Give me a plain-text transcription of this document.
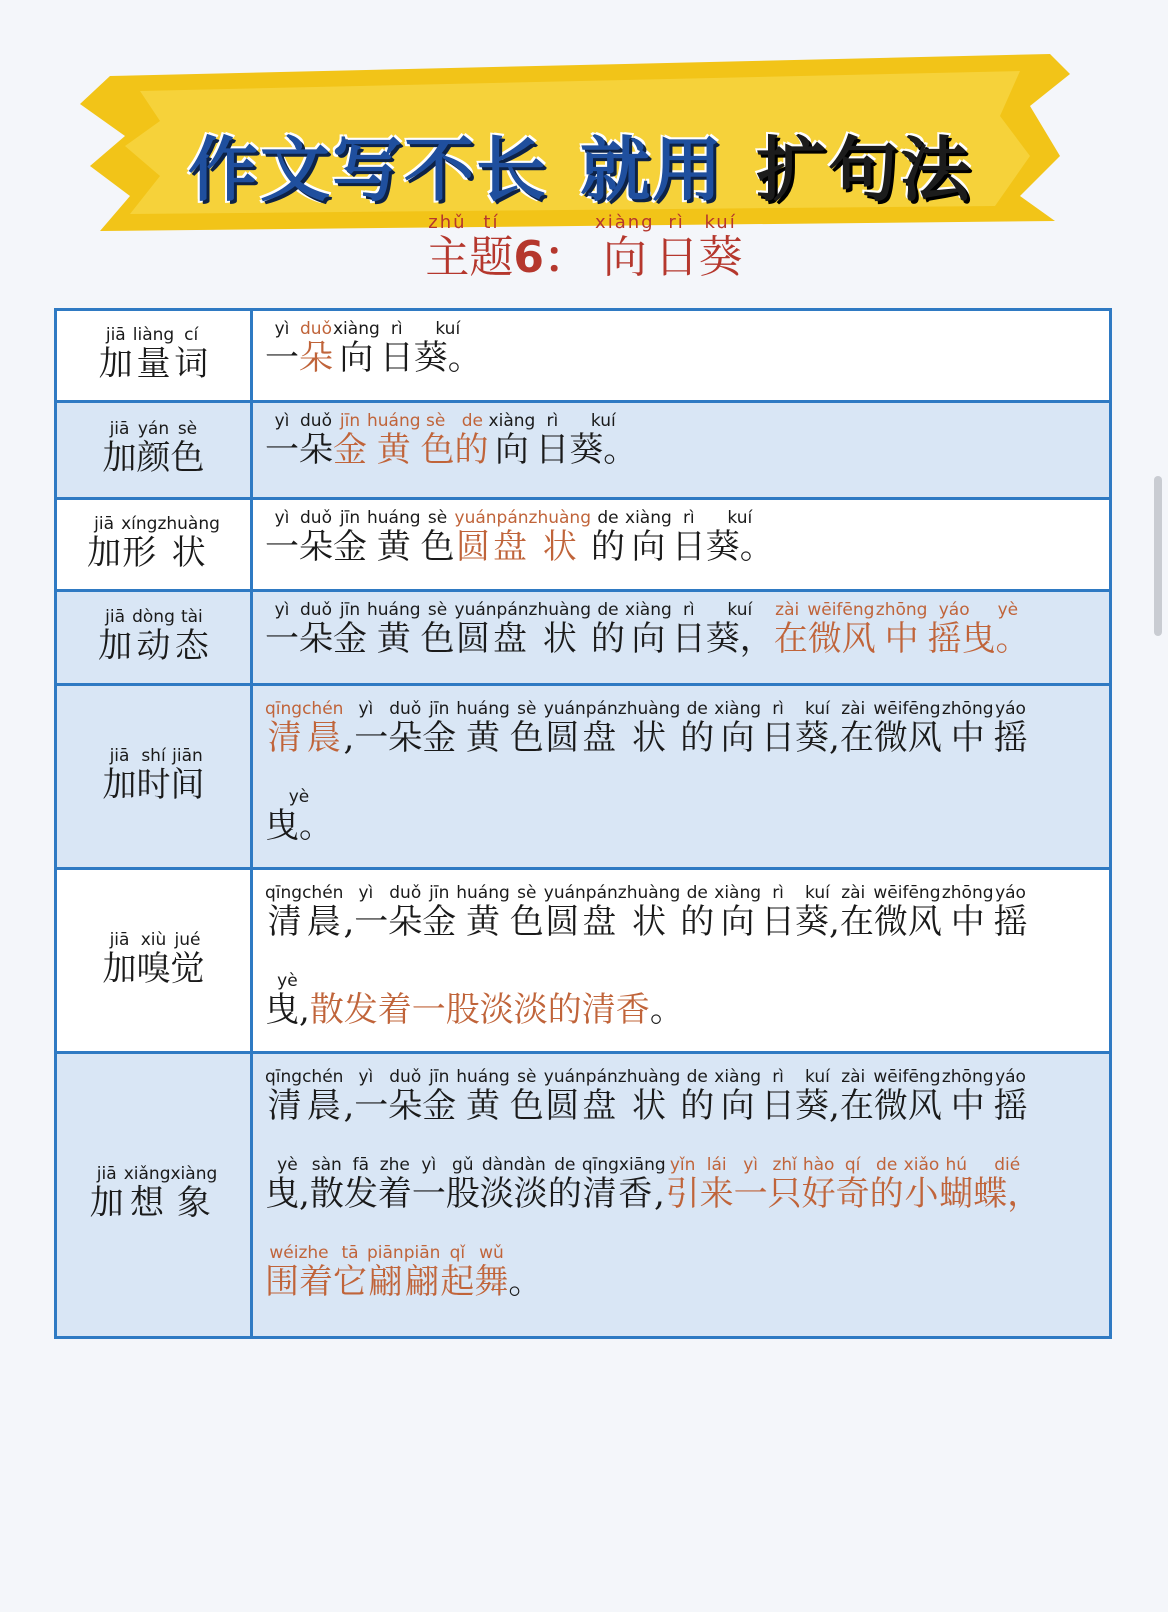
作文写不长 就用 扩句法
主zhǔ题tí6： 向xiàng日rì葵kuí
加jiā
量liàng
词cí
一yì朵duǒ向xiàng日rì葵。kuí
加jiā
颜yán
色sè
一yì朵duǒ金jīn黄huáng色的sè de向xiàng日rì葵。kuí
加jiā
形xíng
状zhuàng
一yì朵duǒ金jīn黄huáng色sè圆盘yuánpán状zhuàng的de向xiàng日rì葵。kuí
加jiā
动dòng
态tài
一yì朵duǒ金jīn黄huáng色sè圆盘yuánpán状zhuàng的de向xiàng日rì葵，kuí在微风zài wēifēng中zhōng摇曳。yáo yè
加jiā
时shí
间jiān 清晨qīngchén,一yì朵duǒ金jīn黄huáng色sè圆盘yuánpán状zhuàng的de向xiàng日rì葵,kuí在微风zài wēifēng中zhōng摇yáo
曳。yè
加jiā
嗅xiù
觉jué 清晨qīngchén,一yì朵duǒ金jīn黄huáng色sè圆盘yuánpán状zhuàng的de向xiàng日rì葵,kuí在微风zài wēifēng中zhōng摇yáo
曳,yè散发着一股淡淡的清香 。
加jiā
想xiǎng
象xiàng
清晨qīngchén,一yì朵duǒ金jīn黄huáng色sè圆盘yuánpán状zhuàng的de向xiàng日rì葵,kuí在微风zài wēifēng中zhōng摇yáo
曳,yè散sàn发fā着zhe一yì股gǔ淡淡dàndàn的de清香,qīngxiāng引yǐn来lái一yì只zhǐ好hào奇qí的de小xiǎo蝴hú蝶，dié
围着wéizhe它tā翩翩piānpiān起qǐ舞wǔ。
